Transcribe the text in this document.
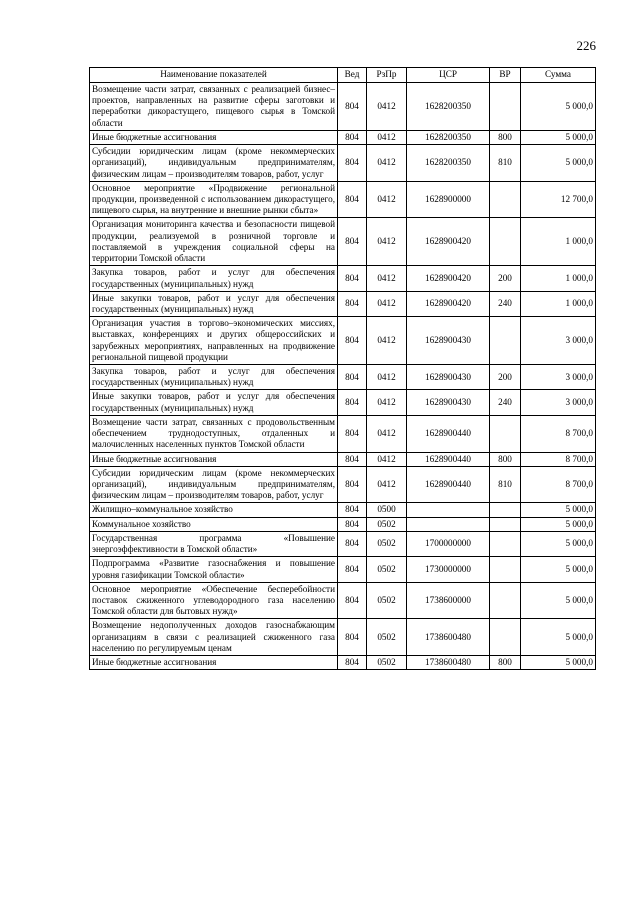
226
Наименование показателей	Вед	РзПр	ЦСР	ВР	Сумма
Возмещение части затрат, связанных с реализацией бизнес–проектов, направленных на развитие сферы заготовки и переработки дикорастущего, пищевого сырья в Томской области	804	0412	1628200350		5 000,0
Иные бюджетные ассигнования	804	0412	1628200350	800	5 000,0
Субсидии юридическим лицам (кроме некоммерческих организаций), индивидуальным предпринимателям, физическим лицам – производителям товаров, работ, услуг	804	0412	1628200350	810	5 000,0
Основное мероприятие «Продвижение региональной продукции, произведенной с использованием дикорастущего, пищевого сырья, на внутренние и внешние рынки сбыта»	804	0412	1628900000		12 700,0
Организация мониторинга качества и безопасности пищевой продукции, реализуемой в розничной торговле и поставляемой в учреждения социальной сферы на территории Томской области	804	0412	1628900420		1 000,0
Закупка товаров, работ и услуг для обеспечения государственных (муниципальных) нужд	804	0412	1628900420	200	1 000,0
Иные закупки товаров, работ и услуг для обеспечения государственных (муниципальных) нужд	804	0412	1628900420	240	1 000,0
Организация участия в торгово–экономических миссиях, выставках, конференциях и других общероссийских и зарубежных мероприятиях, направленных на продвижение региональной пищевой продукции	804	0412	1628900430		3 000,0
Закупка товаров, работ и услуг для обеспечения государственных (муниципальных) нужд	804	0412	1628900430	200	3 000,0
Иные закупки товаров, работ и услуг для обеспечения государственных (муниципальных) нужд	804	0412	1628900430	240	3 000,0
Возмещение части затрат, связанных с продовольственным обеспечением труднодоступных, отдаленных и малочисленных населенных пунктов Томской области	804	0412	1628900440		8 700,0
Иные бюджетные ассигнования	804	0412	1628900440	800	8 700,0
Субсидии юридическим лицам (кроме некоммерческих организаций), индивидуальным предпринимателям, физическим лицам – производителям товаров, работ, услуг	804	0412	1628900440	810	8 700,0
Жилищно–коммунальное хозяйство	804	0500			5 000,0
Коммунальное хозяйство	804	0502			5 000,0
Государственная программа «Повышение энергоэффективности в Томской области»	804	0502	1700000000		5 000,0
Подпрограмма «Развитие газоснабжения и повышение уровня газификации Томской области»	804	0502	1730000000		5 000,0
Основное мероприятие «Обеспечение бесперебойности поставок сжиженного углеводородного газа населению Томской области для бытовых нужд»	804	0502	1738600000		5 000,0
Возмещение недополученных доходов газоснабжающим организациям в связи с реализацией сжиженного газа населению по регулируемым ценам	804	0502	1738600480		5 000,0
Иные бюджетные ассигнования	804	0502	1738600480	800	5 000,0
